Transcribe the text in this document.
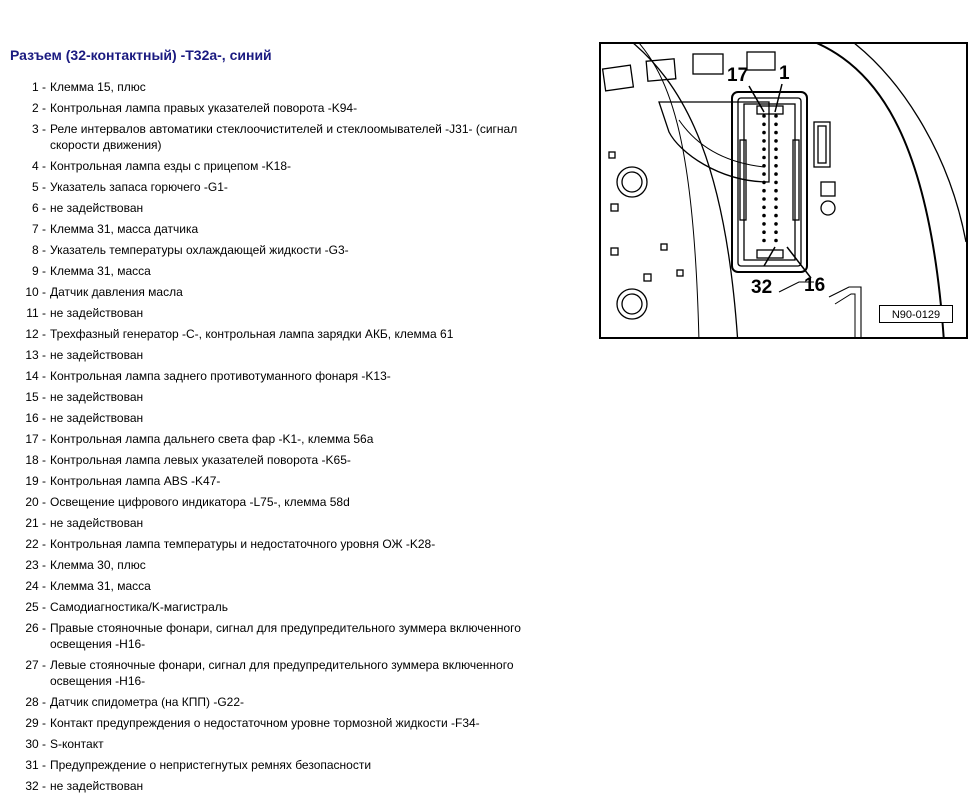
Разъем (32-контактный) -T32a-, синий
1 - Клемма 15, плюс
2 - Контрольная лампа правых указателей поворота -K94-
3 - Реле интервалов автоматики стеклоочистителей и стеклоомывателей -J31- (сигнал скорости движения)
4 - Контрольная лампа езды с прицепом -K18-
5 - Указатель запаса горючего -G1-
6 - не задействован
7 - Клемма 31, масса датчика
8 - Указатель температуры охлаждающей жидкости -G3-
9 - Клемма 31, масса
10 - Датчик давления масла
11 - не задействован
12 - Трехфазный генератор -C-, контрольная лампа зарядки АКБ, клемма 61
13 - не задействован
14 - Контрольная лампа заднего противотуманного фонаря -K13-
15 - не задействован
16 - не задействован
17 - Контрольная лампа дальнего света фар -K1-, клемма 56a
18 - Контрольная лампа левых указателей поворота -K65-
19 - Контрольная лампа ABS -K47-
20 - Освещение цифрового индикатора -L75-, клемма 58d
21 - не задействован
22 - Контрольная лампа температуры и недостаточного уровня ОЖ -K28-
23 - Клемма 30, плюс
24 - Клемма 31, масса
25 - Самодиагностика/K-магистраль
26 - Правые стояночные фонари, сигнал для предупредительного зуммера включенного освещения -H16-
27 - Левые стояночные фонари, сигнал для предупредительного зуммера включенного освещения -H16-
28 - Датчик спидометра (на КПП) -G22-
29 - Контакт предупреждения о недостаточном уровне тормозной жидкости -F34-
30 - S-контакт
31 - Предупреждение о непристегнутых ремнях безопасности
32 - не задействован
17 1
32 16
N90-0129
